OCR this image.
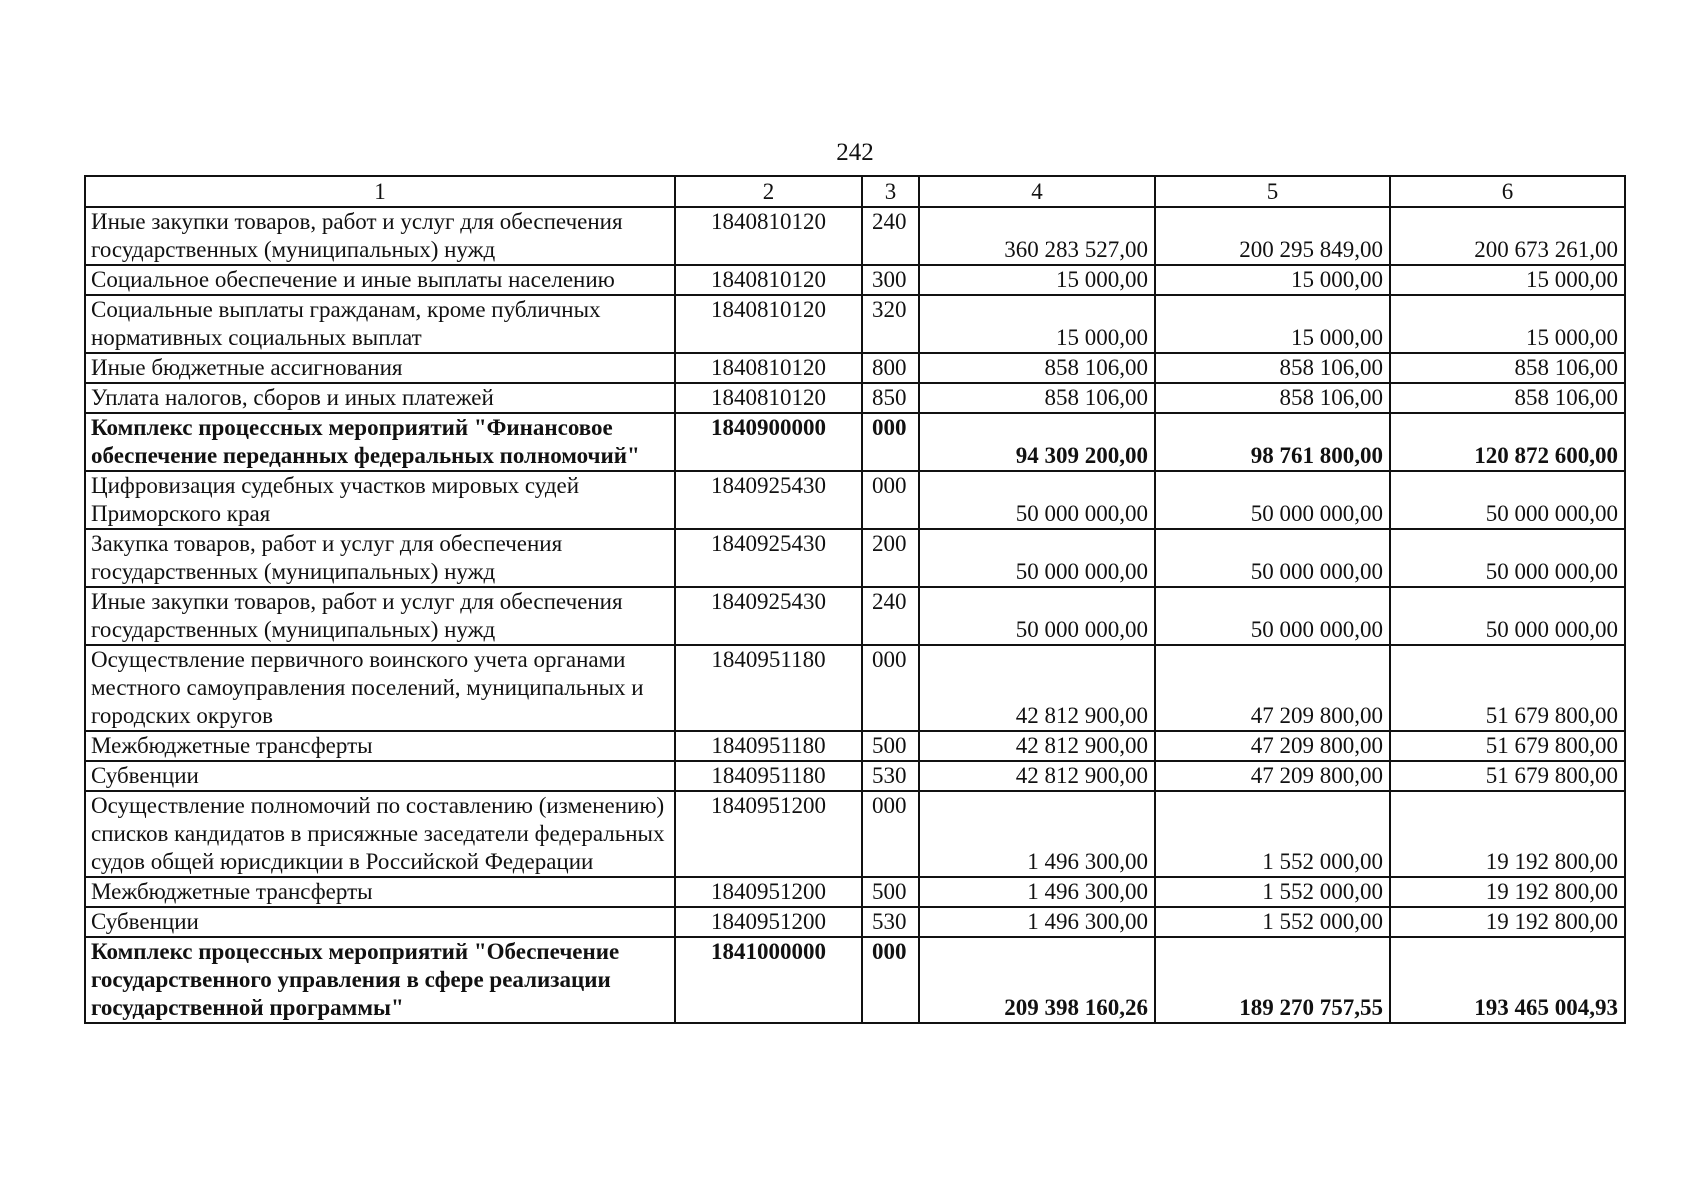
242
1	2	3	4	5	6
Иные закупки товаров, работ и услуг для обеспечения государственных (муниципальных) нужд	1840810120	240	360 283 527,00	200 295 849,00	200 673 261,00
Социальное обеспечение и иные выплаты населению	1840810120	300	15 000,00	15 000,00	15 000,00
Социальные выплаты гражданам, кроме публичных нормативных социальных выплат	1840810120	320	15 000,00	15 000,00	15 000,00
Иные бюджетные ассигнования	1840810120	800	858 106,00	858 106,00	858 106,00
Уплата налогов, сборов и иных платежей	1840810120	850	858 106,00	858 106,00	858 106,00
Комплекс процессных мероприятий "Финансовое обеспечение переданных федеральных полномочий"	1840900000	000	94 309 200,00	98 761 800,00	120 872 600,00
Цифровизация судебных участков мировых судей Приморского края	1840925430	000	50 000 000,00	50 000 000,00	50 000 000,00
Закупка товаров, работ и услуг для обеспечения государственных (муниципальных) нужд	1840925430	200	50 000 000,00	50 000 000,00	50 000 000,00
Иные закупки товаров, работ и услуг для обеспечения государственных (муниципальных) нужд	1840925430	240	50 000 000,00	50 000 000,00	50 000 000,00
Осуществление первичного воинского учета органами местного самоуправления поселений, муниципальных и городских округов	1840951180	000	42 812 900,00	47 209 800,00	51 679 800,00
Межбюджетные трансферты	1840951180	500	42 812 900,00	47 209 800,00	51 679 800,00
Субвенции	1840951180	530	42 812 900,00	47 209 800,00	51 679 800,00
Осуществление полномочий по составлению (изменению) списков кандидатов в присяжные заседатели федеральных судов общей юрисдикции в Российской Федерации	1840951200	000	1 496 300,00	1 552 000,00	19 192 800,00
Межбюджетные трансферты	1840951200	500	1 496 300,00	1 552 000,00	19 192 800,00
Субвенции	1840951200	530	1 496 300,00	1 552 000,00	19 192 800,00
Комплекс процессных мероприятий "Обеспечение государственного управления в сфере реализации государственной программы"	1841000000	000	209 398 160,26	189 270 757,55	193 465 004,93
